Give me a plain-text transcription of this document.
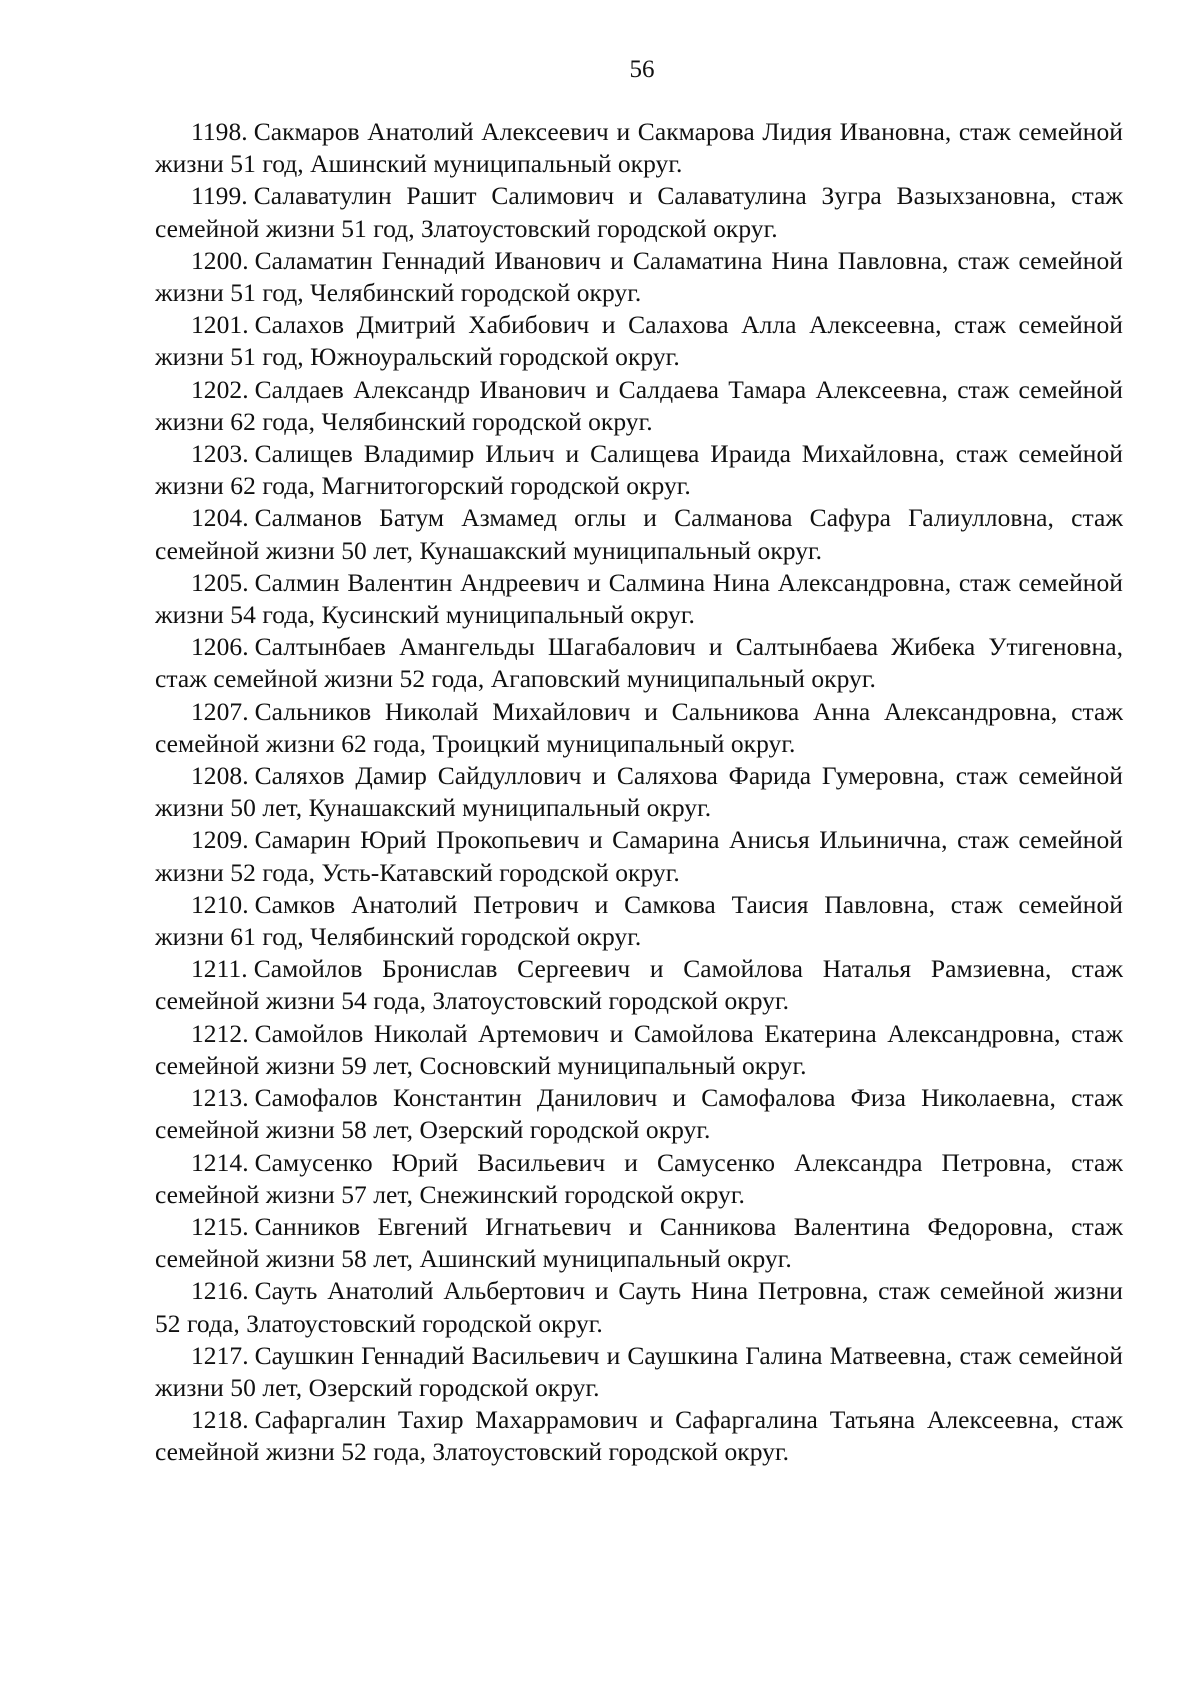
56

1198. Сакмаров Анатолий Алексеевич и Сакмарова Лидия Ивановна, стаж семейной жизни 51 год, Ашинский муниципальный округ.

1199. Салаватулин Рашит Салимович и Салаватулина Зугра Вазыхзановна, стаж семейной жизни 51 год, Златоустовский городской округ.

1200. Саламатин Геннадий Иванович и Саламатина Нина Павловна, стаж семейной жизни 51 год, Челябинский городской округ.

1201. Салахов Дмитрий Хабибович и Салахова Алла Алексеевна, стаж семейной жизни 51 год, Южноуральский городской округ.

1202. Салдаев Александр Иванович и Салдаева Тамара Алексеевна, стаж семейной жизни 62 года, Челябинский городской округ.

1203. Салищев Владимир Ильич и Салищева Ираида Михайловна, стаж семейной жизни 62 года, Магнитогорский городской округ.

1204. Салманов Батум Азмамед оглы и Салманова Сафура Галиулловна, стаж семейной жизни 50 лет, Кунашакский муниципальный округ.

1205. Салмин Валентин Андреевич и Салмина Нина Александровна, стаж семейной жизни 54 года, Кусинский муниципальный округ.

1206. Салтынбаев Амангельды Шагабалович и Салтынбаева Жибека Утигеновна, стаж семейной жизни 52 года, Агаповский муниципальный округ.

1207. Сальников Николай Михайлович и Сальникова Анна Александровна, стаж семейной жизни 62 года, Троицкий муниципальный округ.

1208. Саляхов Дамир Сайдуллович и Саляхова Фарида Гумеровна, стаж семейной жизни 50 лет, Кунашакский муниципальный округ.

1209. Самарин Юрий Прокопьевич и Самарина Анисья Ильинична, стаж семейной жизни 52 года, Усть-Катавский городской округ.

1210. Самков Анатолий Петрович и Самкова Таисия Павловна, стаж семейной жизни 61 год, Челябинский городской округ.

1211. Самойлов Бронислав Сергеевич и Самойлова Наталья Рамзиевна, стаж семейной жизни 54 года, Златоустовский городской округ.

1212. Самойлов Николай Артемович и Самойлова Екатерина Александровна, стаж семейной жизни 59 лет, Сосновский муниципальный округ.

1213. Самофалов Константин Данилович и Самофалова Физа Николаевна, стаж семейной жизни 58 лет, Озерский городской округ.

1214. Самусенко Юрий Васильевич и Самусенко Александра Петровна, стаж семейной жизни 57 лет, Снежинский городской округ.

1215. Санников Евгений Игнатьевич и Санникова Валентина Федоровна, стаж семейной жизни 58 лет, Ашинский муниципальный округ.

1216. Сауть Анатолий Альбертович и Сауть Нина Петровна, стаж семейной жизни 52 года, Златоустовский городской округ.

1217. Саушкин Геннадий Васильевич и Саушкина Галина Матвеевна, стаж семейной жизни 50 лет, Озерский городской округ.

1218. Сафаргалин Тахир Махаррамович и Сафаргалина Татьяна Алексеевна, стаж семейной жизни 52 года, Златоустовский городской округ.
